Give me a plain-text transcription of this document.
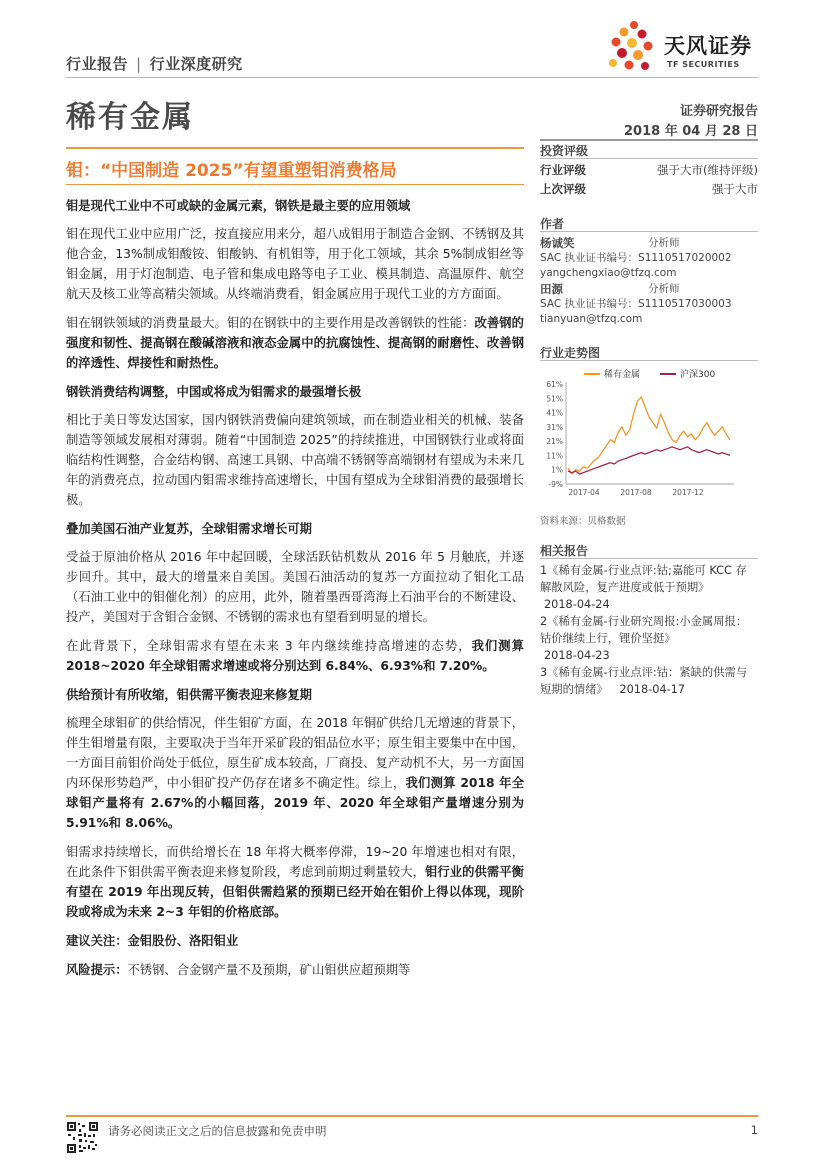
行业报告 | 行业深度研究
稀有金属
天风证券
TF SECURITIES
证券研究报告
2018 年 04 月 28 日
钼：“中国制造 2025”有望重塑钼消费格局
钼是现代工业中不可或缺的金属元素，钢铁是最主要的应用领域

钼在现代工业中应用广泛，按直接应用来分，超八成钼用于制造合金钢、不锈钢及其他合金，13%制成钼酸铵、钼酸钠、有机钼等，用于化工领域，其余 5%制成钼丝等钼金属，用于灯泡制造、电子管和集成电路等电子工业、模具制造、高温原件、航空航天及核工业等高精尖领域。从终端消费看，钼金属应用于现代工业的方方面面。

钼在钢铁领域的消费量最大。钼的在钢铁中的主要作用是改善钢铁的性能：改善钢的强度和韧性、提高钢在酸碱溶液和液态金属中的抗腐蚀性、提高钢的耐磨性、改善钢的淬透性、焊接性和耐热性。

钢铁消费结构调整，中国或将成为钼需求的最强增长极

相比于美日等发达国家，国内钢铁消费偏向建筑领域，而在制造业相关的机械、装备制造等领域发展相对薄弱。随着“中国制造 2025”的持续推进，中国钢铁行业或将面临结构性调整，合金结构钢、高速工具钢、中高端不锈钢等高端钢材有望成为未来几年的消费亮点，拉动国内钼需求维持高速增长，中国有望成为全球钼消费的最强增长极。

叠加美国石油产业复苏，全球钼需求增长可期

受益于原油价格从 2016 年中起回暖，全球活跃钻机数从 2016 年 5 月触底，并逐步回升。其中，最大的增量来自美国。美国石油活动的复苏一方面拉动了钼化工品（石油工业中的钼催化剂）的应用，此外，随着墨西哥湾海上石油平台的不断建设、投产，美国对于含钼合金钢、不锈钢的需求也有望看到明显的增长。

在此背景下，全球钼需求有望在未来 3 年内继续维持高增速的态势，我们测算 2018~2020 年全球钼需求增速或将分别达到 6.84%、6.93%和 7.20%。

供给预计有所收缩，钼供需平衡表迎来修复期

梳理全球钼矿的供给情况，伴生钼矿方面，在 2018 年铜矿供给几无增速的背景下，伴生钼增量有限，主要取决于当年开采矿段的钼品位水平；原生钼主要集中在中国，一方面目前钼价尚处于低位，原生矿成本较高，厂商投、复产动机不大，另一方面国内环保形势趋严，中小钼矿投产仍存在诸多不确定性。综上，我们测算 2018 年全球钼产量将有 2.67%的小幅回落，2019 年、2020 年全球钼产量增速分别为 5.91%和 8.06%。

钼需求持续增长，而供给增长在 18 年将大概率停滞，19~20 年增速也相对有限，在此条件下钼供需平衡表迎来修复阶段，考虑到前期过剩量较大，钼行业的供需平衡有望在 2019 年出现反转，但钼供需趋紧的预期已经开始在钼价上得以体现，现阶段或将成为未来 2~3 年钼的价格底部。

建议关注：金钼股份、洛阳钼业

风险提示：不锈钢、合金钢产量不及预期，矿山钼供应超预期等

投资评级
行业评级	强于大市(维持评级)
上次评级	强于大市
作者
杨诚笑	分析师
SAC 执业证书编号：S1110517020002
yangchengxiao@tfzq.com
田源	分析师
SAC 执业证书编号：S1110517030003
tianyuan@tfzq.com
行业走势图
稀有金属	沪深300
61%
51%
41%
31%
21%
11%
1%
-9%
2017-04	2017-08	2017-12
资料来源：贝格数据
相关报告
1《稀有金属-行业点评:钴;嘉能可 KCC 存解散风险，复产进度或低于预期》
2018-04-24
2《稀有金属-行业研究周报:小金属周报：钴价继续上行，锂价坚挺》
2018-04-23
3《稀有金属-行业点评:钴：紧缺的供需与短期的情绪》 2018-04-17
请务必阅读正文之后的信息披露和免责申明	1
